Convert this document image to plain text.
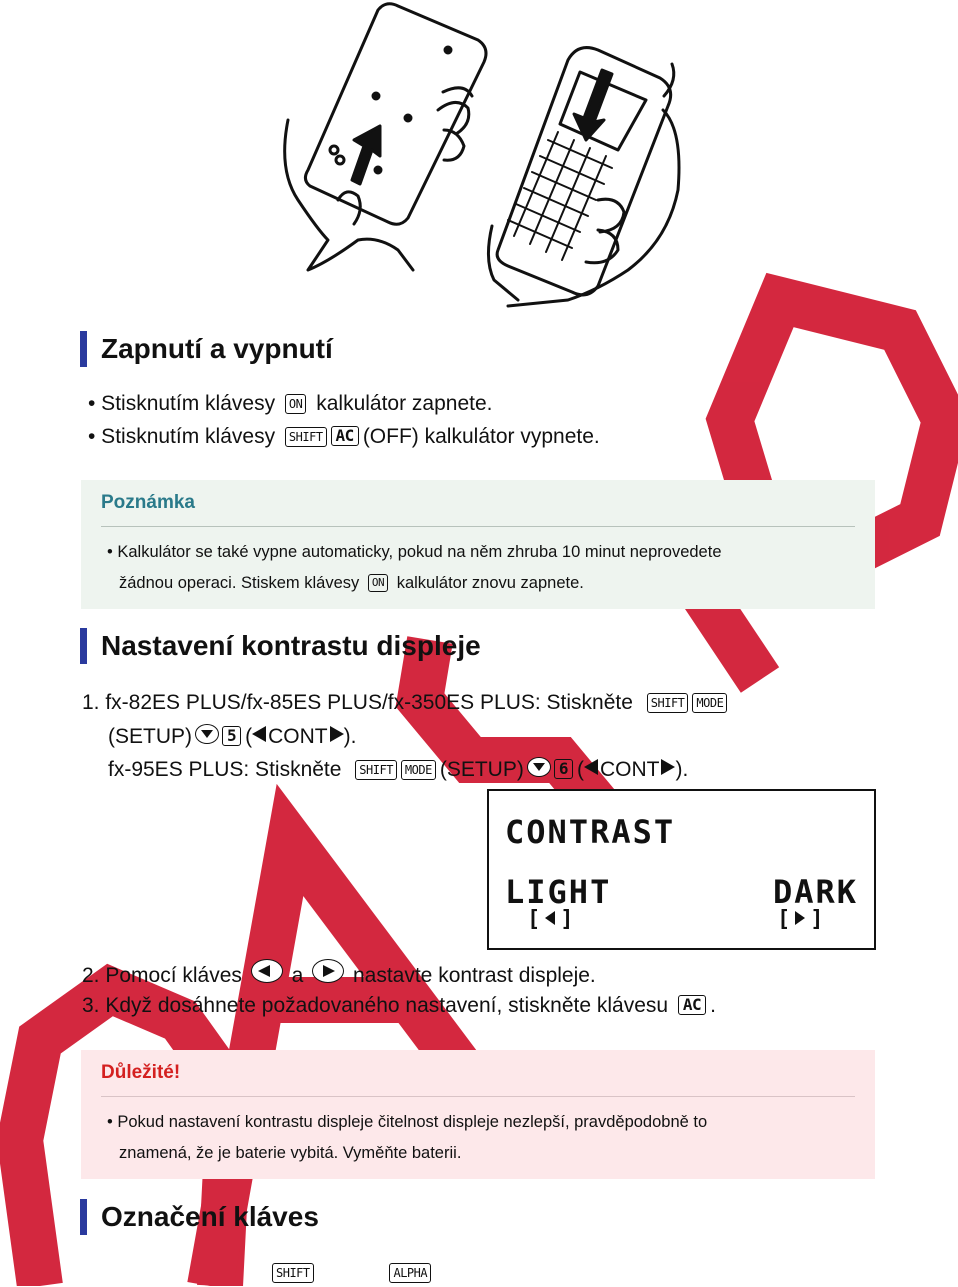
Zapnutí a vypnutí
• Stisknutím klávesy ON kalkulátor zapnete.
• Stisknutím klávesy SHIFT AC (OFF) kalkulátor vypnete.
Poznámka
• Kalkulátor se také vypne automaticky, pokud na něm zhruba 10 minut neprovedete
žádnou operaci. Stiskem klávesy ON kalkulátor znovu zapnete.
Nastavení kontrastu displeje
1. fx-82ES PLUS/fx-85ES PLUS/fx-350ES PLUS: Stiskněte SHIFT MODE
(SETUP) 5 ( CONT ).
fx-95ES PLUS: Stiskněte SHIFT MODE (SETUP) 6 ( CONT ).
CONTRAST
LIGHT	DARK
[ ]	[ ]
2. Pomocí kláves a nastavte kontrast displeje.
3. Když dosáhnete požadovaného nastavení, stiskněte klávesu AC .
Důležité!
• Pokud nastavení kontrastu displeje čitelnost displeje nezlepší, pravděpodobně to
znamená, že je baterie vybitá. Vyměňte baterii.
Označení kláves
SHIFT	ALPHA
